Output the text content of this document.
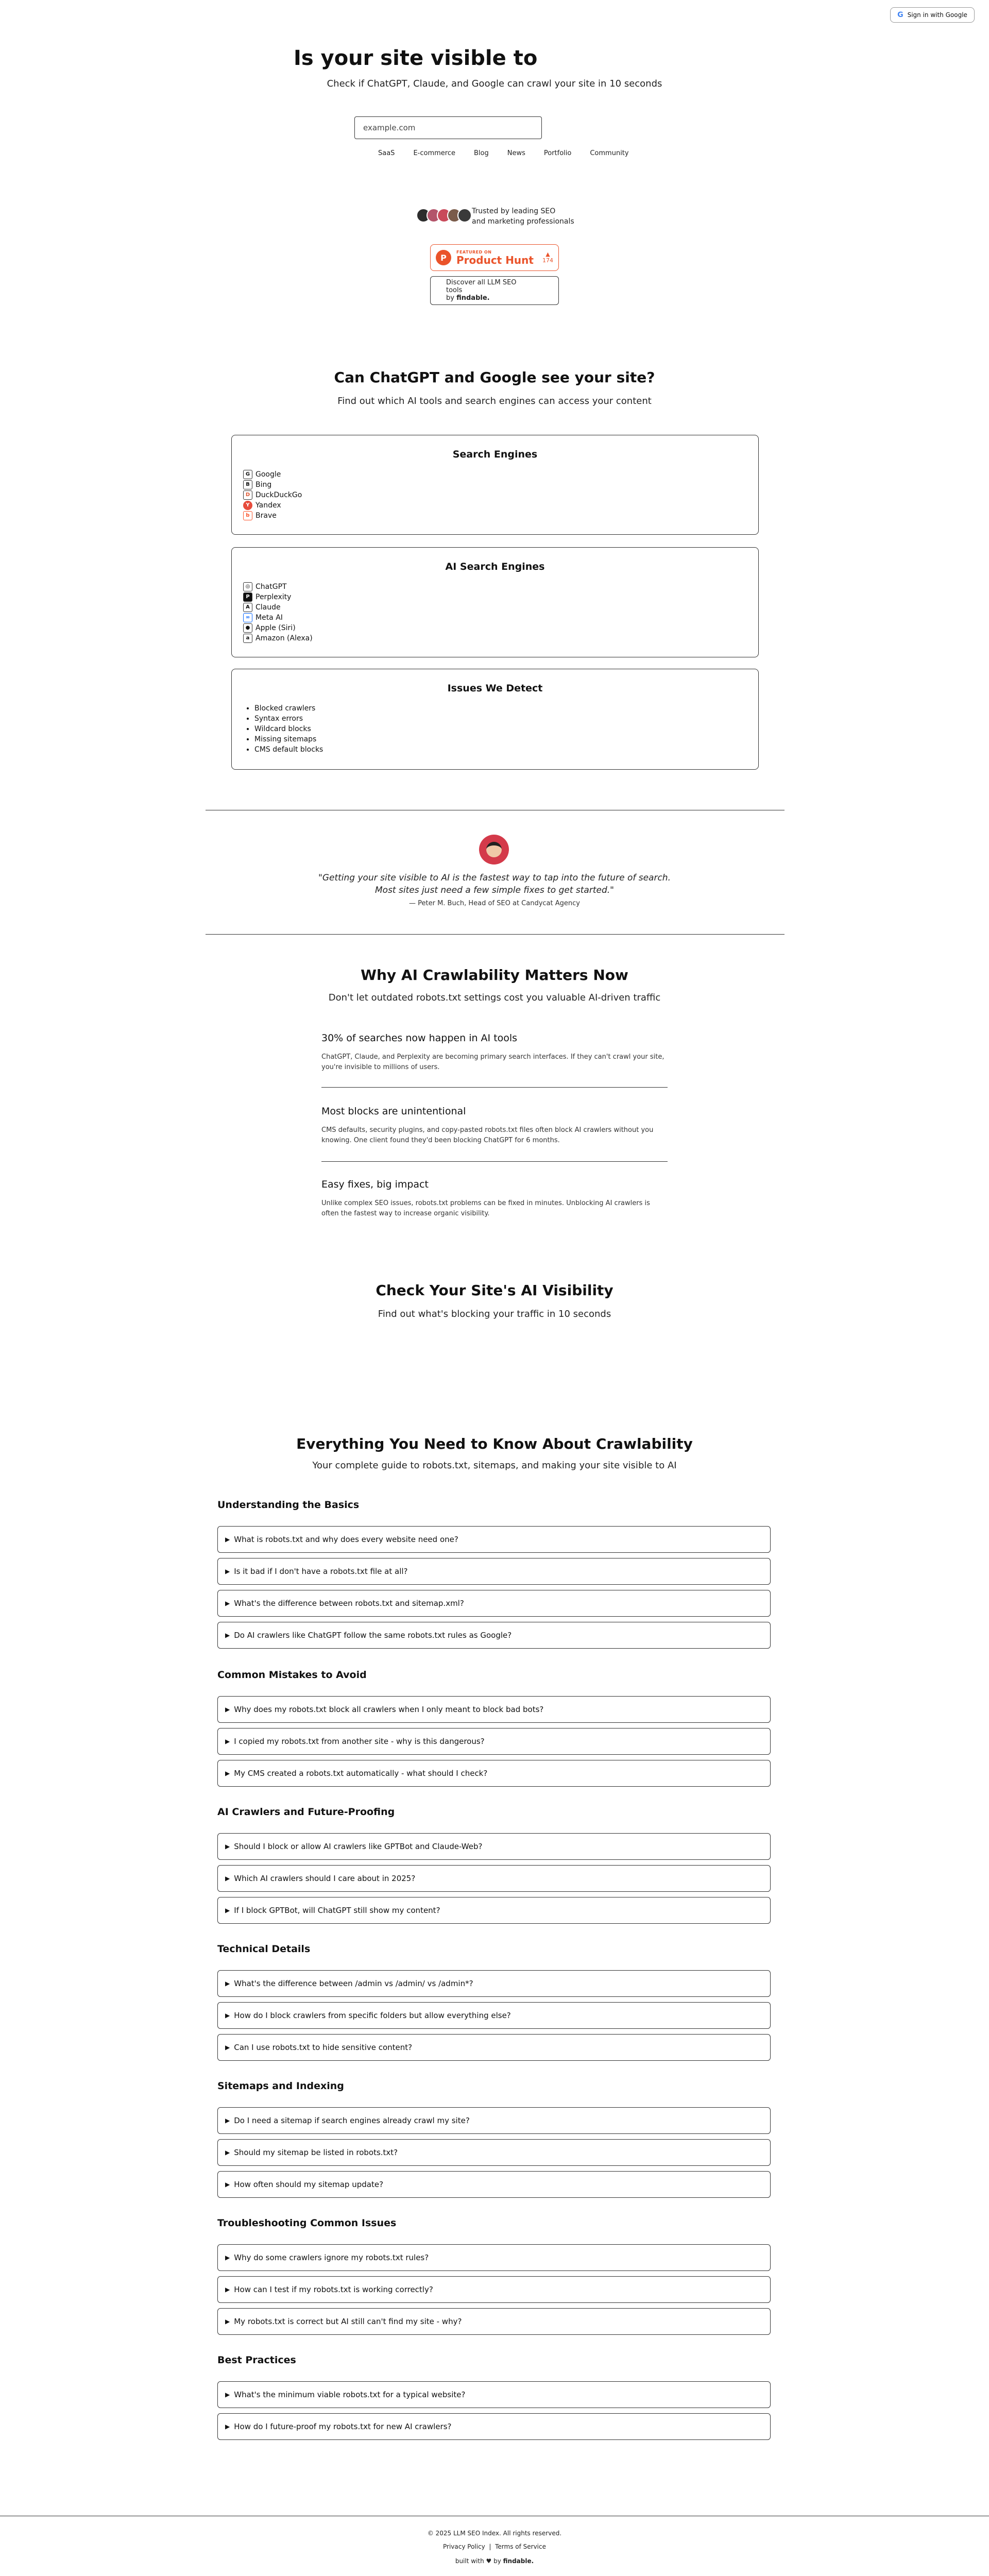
G Sign in with Google
Is your site visible to

Check if ChatGPT, Claude, and Google can crawl your site in 10 seconds

example.com
SaaS	E-commerce	Blog	News	Portfolio	Community
Trusted by leading SEO
and marketing professionals
P
FEATURED ON
Product Hunt ▲
174
Discover all LLM SEO
tools
by findable.
Can ChatGPT and Google see your site?

Find out which AI tools and search engines can access your content

Search Engines
G Google
B Bing
D DuckDuckGo
Y Yandex
b Brave
AI Search Engines
◎ ChatGPT
P Perplexity
A Claude
∞ Meta AI
● Apple (Siri)
a Amazon (Alexa)
Issues We Detect
• Blocked crawlers
• Syntax errors
• Wildcard blocks
• Missing sitemaps
• CMS default blocks
"Getting your site visible to AI is the fastest way to tap into the future of search.
Most sites just need a few simple fixes to get started."
— Peter M. Buch, Head of SEO at Candycat Agency
Why AI Crawlability Matters Now

Don't let outdated robots.txt settings cost you valuable AI-driven traffic

30% of searches now happen in AI tools

ChatGPT, Claude, and Perplexity are becoming primary search interfaces. If they can't crawl your site, you're invisible to millions of users.

Most blocks are unintentional

CMS defaults, security plugins, and copy-pasted robots.txt files often block AI crawlers without you knowing. One client found they'd been blocking ChatGPT for 6 months.

Easy fixes, big impact

Unlike complex SEO issues, robots.txt problems can be fixed in minutes. Unblocking AI crawlers is often the fastest way to increase organic visibility.

Check Your Site's AI Visibility

Find out what's blocking your traffic in 10 seconds

Everything You Need to Know About Crawlability

Your complete guide to robots.txt, sitemaps, and making your site visible to AI

Understanding the Basics
▶ What is robots.txt and why does every website need one?
▶ Is it bad if I don't have a robots.txt file at all?
▶ What's the difference between robots.txt and sitemap.xml?
▶ Do AI crawlers like ChatGPT follow the same robots.txt rules as Google?
Common Mistakes to Avoid
▶ Why does my robots.txt block all crawlers when I only meant to block bad bots?
▶ I copied my robots.txt from another site - why is this dangerous?
▶ My CMS created a robots.txt automatically - what should I check?
AI Crawlers and Future-Proofing
▶ Should I block or allow AI crawlers like GPTBot and Claude-Web?
▶ Which AI crawlers should I care about in 2025?
▶ If I block GPTBot, will ChatGPT still show my content?
Technical Details
▶ What's the difference between /admin vs /admin/ vs /admin*?
▶ How do I block crawlers from specific folders but allow everything else?
▶ Can I use robots.txt to hide sensitive content?
Sitemaps and Indexing
▶ Do I need a sitemap if search engines already crawl my site?
▶ Should my sitemap be listed in robots.txt?
▶ How often should my sitemap update?
Troubleshooting Common Issues
▶ Why do some crawlers ignore my robots.txt rules?
▶ How can I test if my robots.txt is working correctly?
▶ My robots.txt is correct but AI still can't find my site - why?
Best Practices
▶ What's the minimum viable robots.txt for a typical website?
▶ How do I future-proof my robots.txt for new AI crawlers?
© 2025 LLM SEO Index. All rights reserved.
Privacy Policy | Terms of Service
built with ♥ by findable.
